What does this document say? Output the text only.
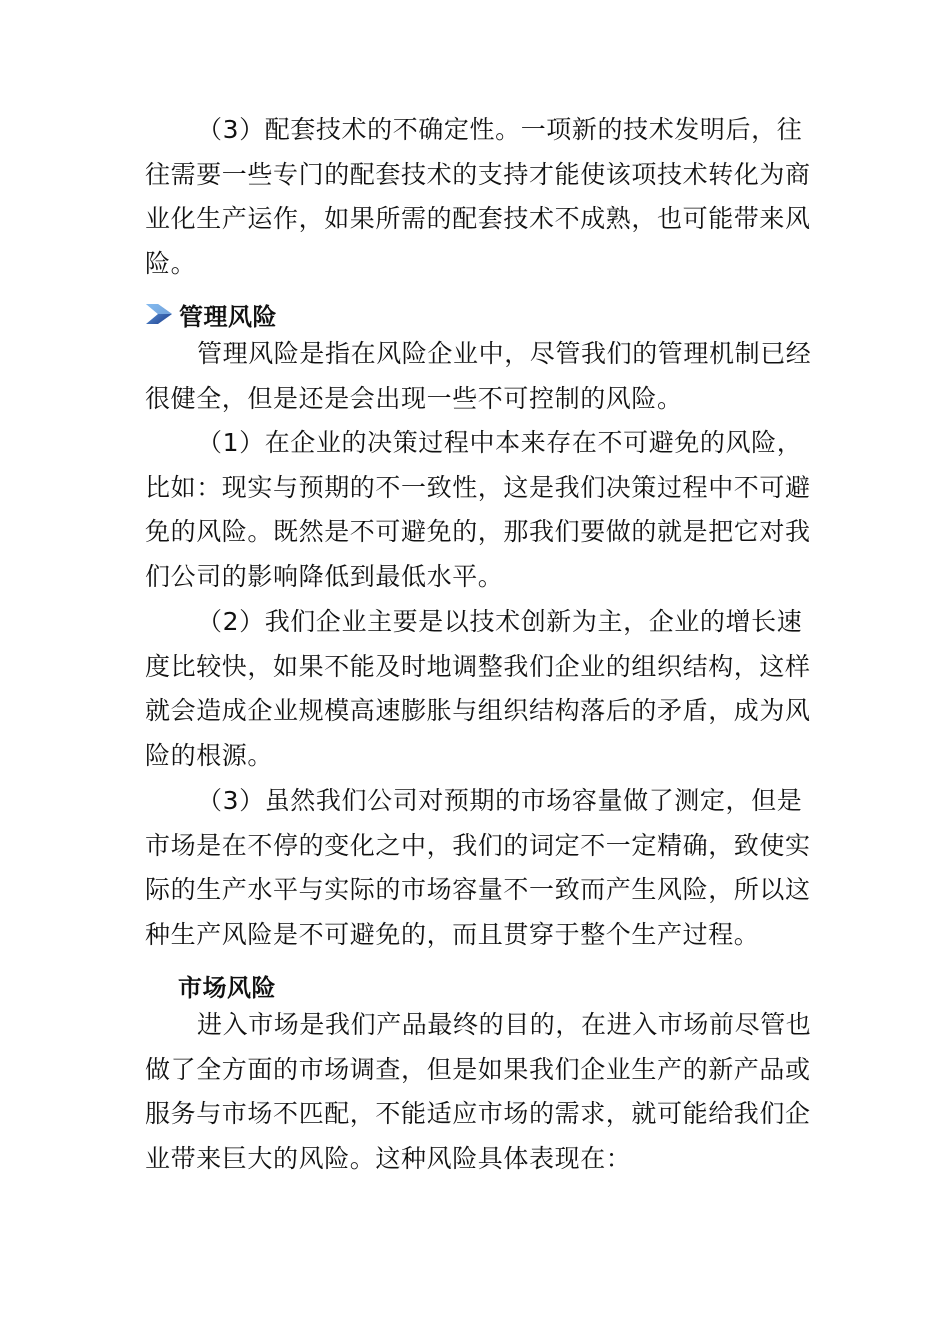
（3）配套技术的不确定性。一项新的技术发明后，往往需要一些专门的配套技术的支持才能使该项技术转化为商业化生产运作，如果所需的配套技术不成熟，也可能带来风险。

管理风险

管理风险是指在风险企业中，尽管我们的管理机制已经很健全，但是还是会出现一些不可控制的风险。

（1）在企业的决策过程中本来存在不可避免的风险，比如：现实与预期的不一致性，这是我们决策过程中不可避免的风险。既然是不可避免的，那我们要做的就是把它对我们公司的影响降低到最低水平。

（2）我们企业主要是以技术创新为主，企业的增长速度比较快，如果不能及时地调整我们企业的组织结构，这样就会造成企业规模高速膨胀与组织结构落后的矛盾，成为风险的根源。

（3）虽然我们公司对预期的市场容量做了测定，但是市场是在不停的变化之中，我们的词定不一定精确，致使实际的生产水平与实际的市场容量不一致而产生风险，所以这种生产风险是不可避免的，而且贯穿于整个生产过程。

市场风险

进入市场是我们产品最终的目的，在进入市场前尽管也做了全方面的市场调查，但是如果我们企业生产的新产品或服务与市场不匹配，不能适应市场的需求，就可能给我们企业带来巨大的风险。这种风险具体表现在：
